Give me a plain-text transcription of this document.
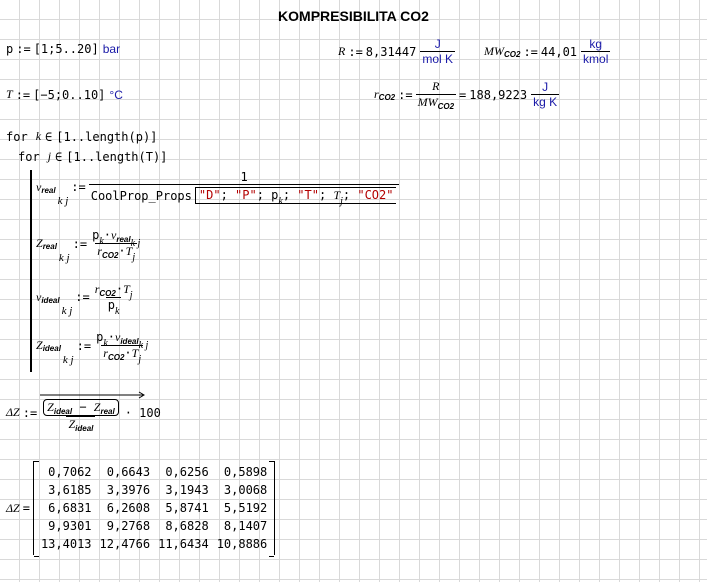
KOMPRESIBILITA CO2
p := [1;5..20] bar
T := [−5;0..10] °C
R := $8,31447 \frac{J}{\text{mol K}}$ MW CO2 := $44,01 \frac{kg}{\text{kmol}}$
r CO2 := $\frac{R}{MW_{CO2}} = 188,9223 \frac{J}{\text{kg K}}$
for k ∈ [1..length(p)]
for j ∈ [1..length(T)]
v real
k j
:=
1
CoolProp_Props "D"; "P"; $p_k$; "T"; $T_j$; "CO2"
Z real
k j
:= $\frac{p_k\cdot v_{realk j}}{r_{CO2}\cdot T_j}$
v ideal
k j
:= $\frac{r_{CO2}\cdot T_j}{p_k}$
Z ideal
k j
:= $\frac{p_k\cdot v_{idealk j}}{r_{CO2}\cdot T_j}$
ΔZ := $\frac{Z_{ideal} - Z_{real}}{Z_{ideal}} \cdot 100$
ΔZ =
0,7062	0,6643	0,6256	0,5898
3,6185	3,3976	3,1943	3,0068
6,6831	6,2608	5,8741	5,5192
9,9301	9,2768	8,6828	8,1407
13,4013	12,4766	11,6434	10,8886
